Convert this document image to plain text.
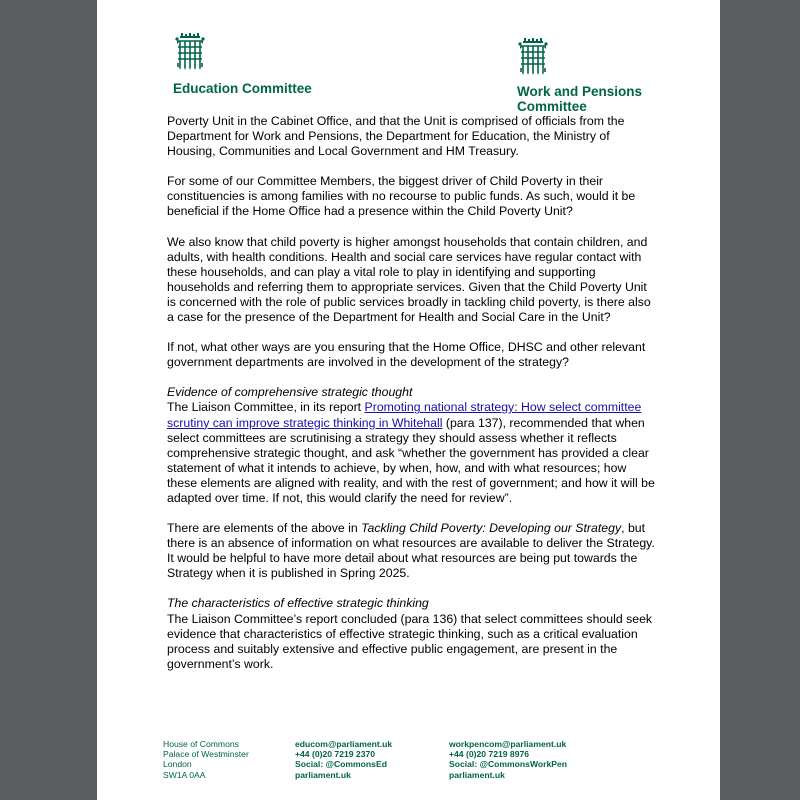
Education Committee	Work and Pensions
Committee

Poverty Unit in the Cabinet Office, and that the Unit is comprised of officials from the Department for Work and Pensions, the Department for Education, the Ministry of Housing, Communities and Local Government and HM Treasury.

For some of our Committee Members, the biggest driver of Child Poverty in their constituencies is among families with no recourse to public funds. As such, would it be beneficial if the Home Office had a presence within the Child Poverty Unit?

We also know that child poverty is higher amongst households that contain children, and adults, with health conditions. Health and social care services have regular contact with these households, and can play a vital role to play in identifying and supporting households and referring them to appropriate services. Given that the Child Poverty Unit is concerned with the role of public services broadly in tackling child poverty, is there also a case for the presence of the Department for Health and Social Care in the Unit?

If not, what other ways are you ensuring that the Home Office, DHSC and other relevant government departments are involved in the development of the strategy?

Evidence of comprehensive strategic thought

The Liaison Committee, in its report Promoting national strategy: How select committee scrutiny can improve strategic thinking in Whitehall (para 137), recommended that when select committees are scrutinising a strategy they should assess whether it reflects comprehensive strategic thought, and ask “whether the government has provided a clear statement of what it intends to achieve, by when, how, and with what resources; how these elements are aligned with reality, and with the rest of government; and how it will be adapted over time. If not, this would clarify the need for review”.

There are elements of the above in Tackling Child Poverty: Developing our Strategy, but there is an absence of information on what resources are available to deliver the Strategy. It would be helpful to have more detail about what resources are being put towards the Strategy when it is published in Spring 2025.

The characteristics of effective strategic thinking

The Liaison Committee’s report concluded (para 136) that select committees should seek evidence that characteristics of effective strategic thinking, such as a critical evaluation process and suitably extensive and effective public engagement, are present in the government’s work.

House of Commons
Palace of Westminster
London
SW1A 0AA
educom@parliament.uk
+44 (0)20 7219 2370
Social: @CommonsEd
parliament.uk
workpencom@parliament.uk
+44 (0)20 7219 8976
Social: @CommonsWorkPen
parliament.uk
